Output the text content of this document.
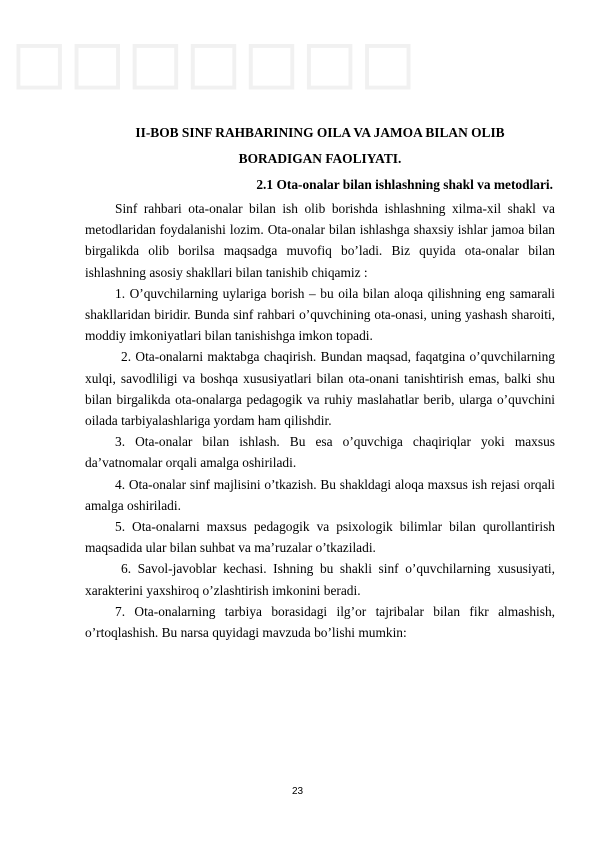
◻◻◻◻◻◻◻
II-BOB SINF RAHBARINING OILA VA JAMOA BILAN OLIB
BORADIGAN FAOLIYATI.
2.1 Ota-onalar bilan ishlashning shakl va metodlari.

Sinf rahbari ota-onalar bilan ish olib borishda ishlashning xilma-xil shakl va metodlaridan foydalanishi lozim. Ota-onalar bilan ishlashga shaxsiy ishlar jamoa bilan birgalikda olib borilsa maqsadga muvofiq bo’ladi. Biz quyida ota-onalar bilan ishlashning asosiy shakllari bilan tanishib chiqamiz :

1. O’quvchilarning uylariga borish – bu oila bilan aloqa qilishning eng samarali shakllaridan biridir. Bunda sinf rahbari o’quvchining ota-onasi, uning yashash sharoiti, moddiy imkoniyatlari bilan tanishishga imkon topadi.

2. Ota-onalarni maktabga chaqirish. Bundan maqsad, faqatgina o’quvchilarning xulqi, savodliligi va boshqa xususiyatlari bilan ota-onani tanishtirish emas, balki shu bilan birgalikda ota-onalarga pedagogik va ruhiy maslahatlar berib, ularga o’quvchini oilada tarbiyalashlariga yordam ham qilishdir.

3. Ota-onalar bilan ishlash. Bu esa o’quvchiga chaqiriqlar yoki maxsus da’vatnomalar orqali amalga oshiriladi.

4. Ota-onalar sinf majlisini o’tkazish. Bu shakldagi aloqa maxsus ish rejasi orqali amalga oshiriladi.

5. Ota-onalarni maxsus pedagogik va psixologik bilimlar bilan qurollantirish maqsadida ular bilan suhbat va ma’ruzalar o’tkaziladi.

6. Savol-javoblar kechasi. Ishning bu shakli sinf o’quvchilarning xususiyati, xarakterini yaxshiroq o’zlashtirish imkonini beradi.

7. Ota-onalarning tarbiya borasidagi ilg’or tajribalar bilan fikr almashish, o’rtoqlashish. Bu narsa quyidagi mavzuda bo’lishi mumkin:

23
